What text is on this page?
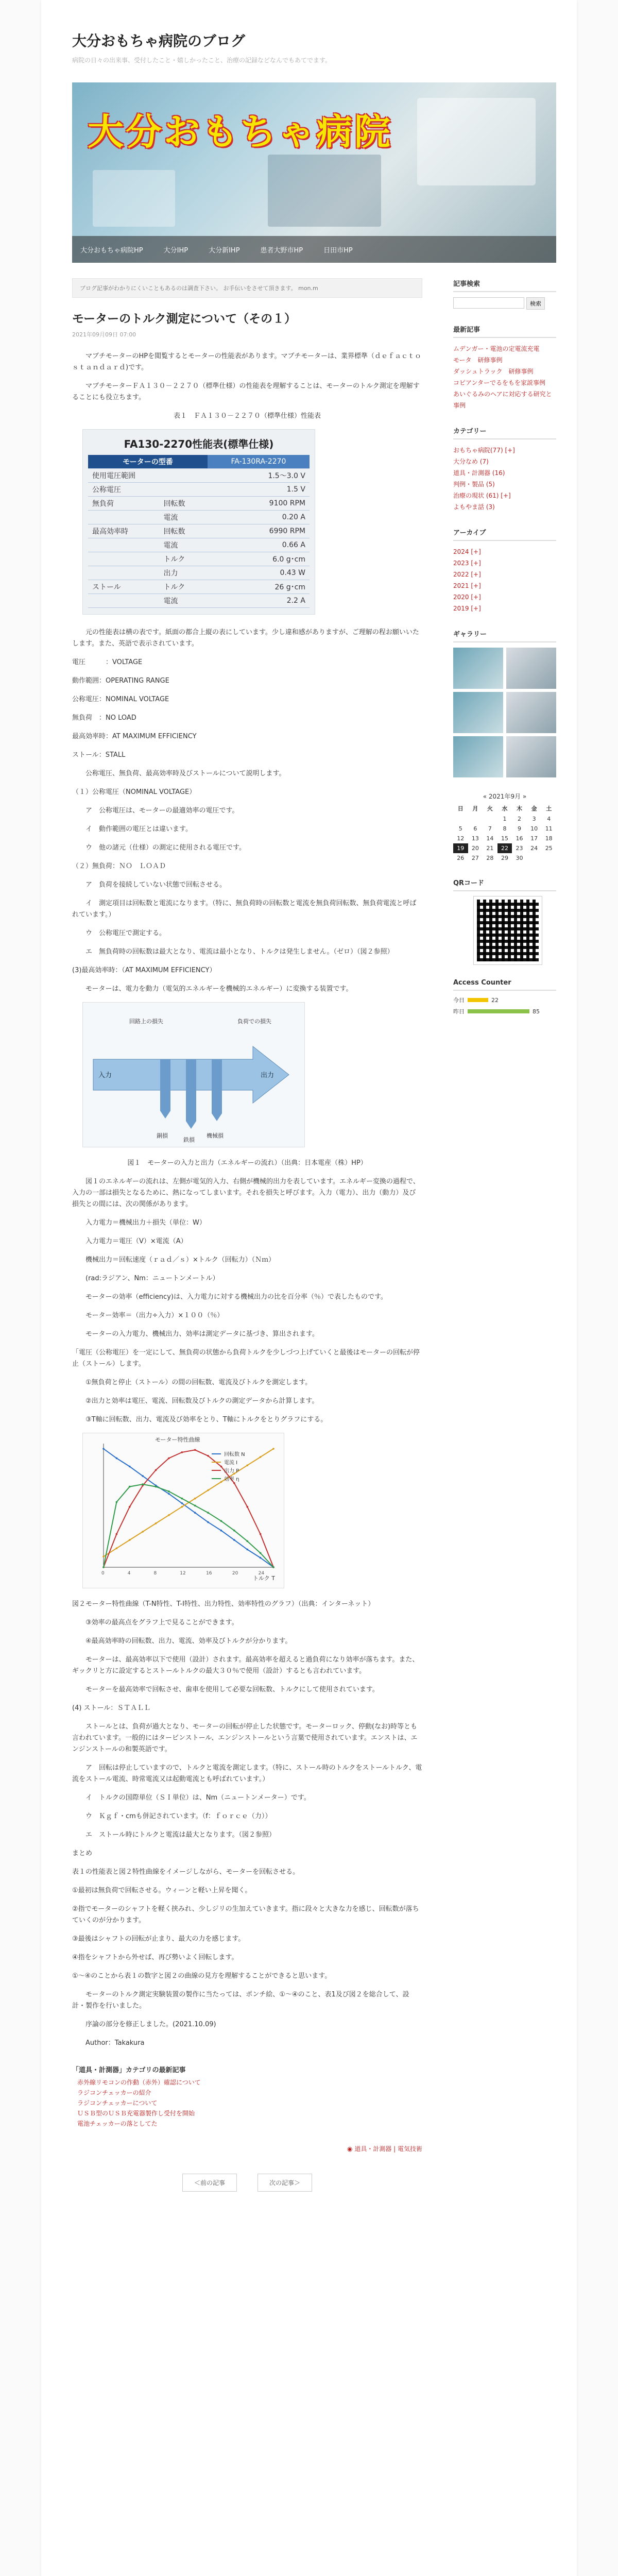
大分おもちゃ病院のブログ
病院の日々の出来事、受付したこと・嬉しかったこと、治療の記録などなんでもあてでます。
大分おもちゃ病院
大分おもちゃ病院HP	大分IHP	大分新IHP	患者大野市HP	日田市HP
ブログ記事がわかりにくいこともあるのは調査下さい。 お手伝いをさせて頂きます。 mon.m
モーターのトルク測定について（その１）
2021年09月09日 07:00

マブチモーターのHPを閲覧するとモーターの性能表があります。マブチモーターは、業界標準（ｄｅｆａｃｔｏ ｓｔａｎｄａｒｄ)です。

マブチモーターＦＡ１３０－２２７０（標準仕様）の性能表を理解することは、モーターのトルク測定を理解することにも役立ちます。

表１　ＦＡ１３０－２２７０（標準仕様）性能表

FA130-2270性能表(標準仕様)
モーターの型番		FA-130RA-2270
使用電圧範囲		1.5〜3.0 V
公称電圧		1.5 V
無負荷	回転数	9100 RPM
	電流	0.20 A
最高効率時	回転数	6990 RPM
	電流	0.66 A
	トルク	6.0 g･cm
	出力	0.43 W
ストール	トルク	26 g･cm
	電流	2.2 A

元の性能表は横の表です。紙面の都合上縦の表にしています。少し違和感がありますが、ご理解の程お願いいたします。また、英語で表示されています。

電圧　　　：VOLTAGE

動作範囲：OPERATING RANGE

公称電圧：NOMINAL VOLTAGE

無負荷　：NO LOAD

最高効率時：AT MAXIMUM EFFICIENCY

ストール：STALL

公称電圧、無負荷、最高効率時及びストールについて説明します。

（１）公称電圧（NOMINAL VOLTAGE）

ア　公称電圧は、モーターの最適効率の電圧です。

イ　動作範囲の電圧とは違います。

ウ　他の諸元（仕様）の測定に使用される電圧です。

（２）無負荷：ＮＯ　ＬＯＡＤ

ア　負荷を接続していない状態で回転させる。

イ　測定項目は回転数と電流になります。（特に、無負荷時の回転数と電流を無負荷回転数、無負荷電流と呼ばれています。）

ウ　公称電圧で測定する。

エ　無負荷時の回転数は最大となり、電流は最小となり、トルクは発生しません。（ゼロ）（図２参照）

(3)最高効率時：（AT MAXIMUM EFFICIENCY）

モーターは、電力を動力（電気的エネルギーを機械的エネルギー）に変換する装置です。

回路上の損失	負荷での損失
入力	出力
銅損
鉄損
機械損

図１　モーターの入力と出力（エネルギーの流れ）（出典：日本電産（株）HP）

図１のエネルギーの流れは、左側が電気的入力、右側が機械的出力を表しています。エネルギー変換の過程で、入力の一部は損失となるために、熱になってしまいます。それを損失と呼びます。入力（電力）、出力（動力）及び損失との間には、次の関係があります。

入力電力＝機械出力＋損失（単位：W）

入力電力＝電圧（V）×電流（A）

機械出力＝回転速度（ｒａｄ／ｓ）×トルク（回転力）（Ｎｍ）

(rad:ラジアン、Nm：ニュートンメートル）

モーターの効率（efficiency)は、入力電力に対する機械出力の比を百分率（％）で表したものです。

モーター効率＝（出力÷入力）×１００（％）

モーターの入力電力、機械出力、効率は測定データに基づき、算出されます。

「電圧（公称電圧）を一定にして、無負荷の状態から負荷トルクを少しづつ上げていくと最後はモーターの回転が停止（ストール）します。

①無負荷と停止（ストール）の間の回転数、電流及びトルクを測定します。

②出力と効率は電圧、電流、回転数及びトルクの測定データから計算します。

③T軸に回転数、出力、電流及び効率をとり、T軸にトルクをとりグラフにする。

トルク T
モーター特性曲線
0	4	8	12	16	20	24
回転数 N
電流 I
出力 P
効率 η

図２モーター特性曲線（T-N特性、T-I特性、出力特性、効率特性のグラフ）（出典：インターネット）

③効率の最高点をグラフ上で見ることができます。

④最高効率時の回転数、出力、電流、効率及びトルクが分かります。

モーターは、最高効率以下で使用（設計）されます。最高効率を超えると過負荷になり効率が落ちます。また、ギックリと方に設定するとストールトルクの最大３０％で使用（設計）するとも言われています。

モーターを最高効率で回転させ、歯車を使用して必要な回転数、トルクにして使用されています。

(4) ストール：ＳＴＡＬＬ

ストールとは、負荷が過大となり、モーターの回転が停止した状態です。モーターロック、停動(なお)時等とも言われています。一般的にはタービンストール、エンジンストールという言葉で使用されています。エンストは、エンジンストールの和製英語です。

ア　回転は停止していますので、トルクと電流を測定します。（特に、ストール時のトルクをストールトルク、電流をストール電流、時常電流又は起動電流とも呼ばれています。）

イ　トルクの国際単位（ＳＩ単位）は、Nm（ニュートンメーター）です。

ウ　Ｋｇｆ・cmも併記されています。（f：ｆｏｒｃｅ（力））

エ　ストール時にトルクと電流は最大となります。（図２参照）

まとめ

表１の性能表と図２特性曲線をイメージしながら、モーターを回転させる。

①最初は無負荷で回転させる。ウィーンと軽い上昇を聞く。

②指でモーターのシャフトを軽く挟みれ、少しジリの生加えていきます。指に段々と大きな力を感じ、回転数が落ちていくのが分かります。

③最後はシャフトの回転が止まり、最大の力を感じます。

④指をシャフトから外せば、再び勢いよく回転します。

①〜④のことから表１の数字と図２の曲線の見方を理解することができると思います。

モーターのトルク測定実験装置の製作に当たっては、ポンチ絵、①〜④のこと、表1及び図２を総合して、設計・製作を行いました。

序論の部分を修正しました。(2021.10.09)

Author：Takakura

「道具・計測器」カテゴリの最新記事
赤外線リモコンの作動（赤外）確認について
ラジコンチェッカーの紹介
ラジコンチェッカーについて
ＵＳＢ型のＵＳＢ充電器製作し受付を開始
電池チェッカーの落としてた
◉ 道具・計測器 | 電気技術
＜前の記事	次の記事＞
記事検索
検索
最新記事
ムデンガー・電池の定電流充電
モータ　研修事例
ダッシュトラック　研修事例
コピアンターでるをもを家説事例
あいぐるみのヘアに対応する研究と事例
カテゴリー
おもちゃ病院(77) [+]
大分なめ (7)
道具・計測器 (16)
判例・製品 (5)
治療の現状 (61) [+]
よもやま話 (3)
アーカイブ
2024 [+]
2023 [+]
2022 [+]
2021 [+]
2020 [+]
2019 [+]
ギャラリー
« 2021年9月 »
日	月	火	水	木	金	土
			1	2	3	4
5	6	7	8	9	10	11
12	13	14	15	16	17	18
19	20	21	22	23	24	25
26	27	28	29	30		
QRコード
Access Counter
今日	22
昨日	85
